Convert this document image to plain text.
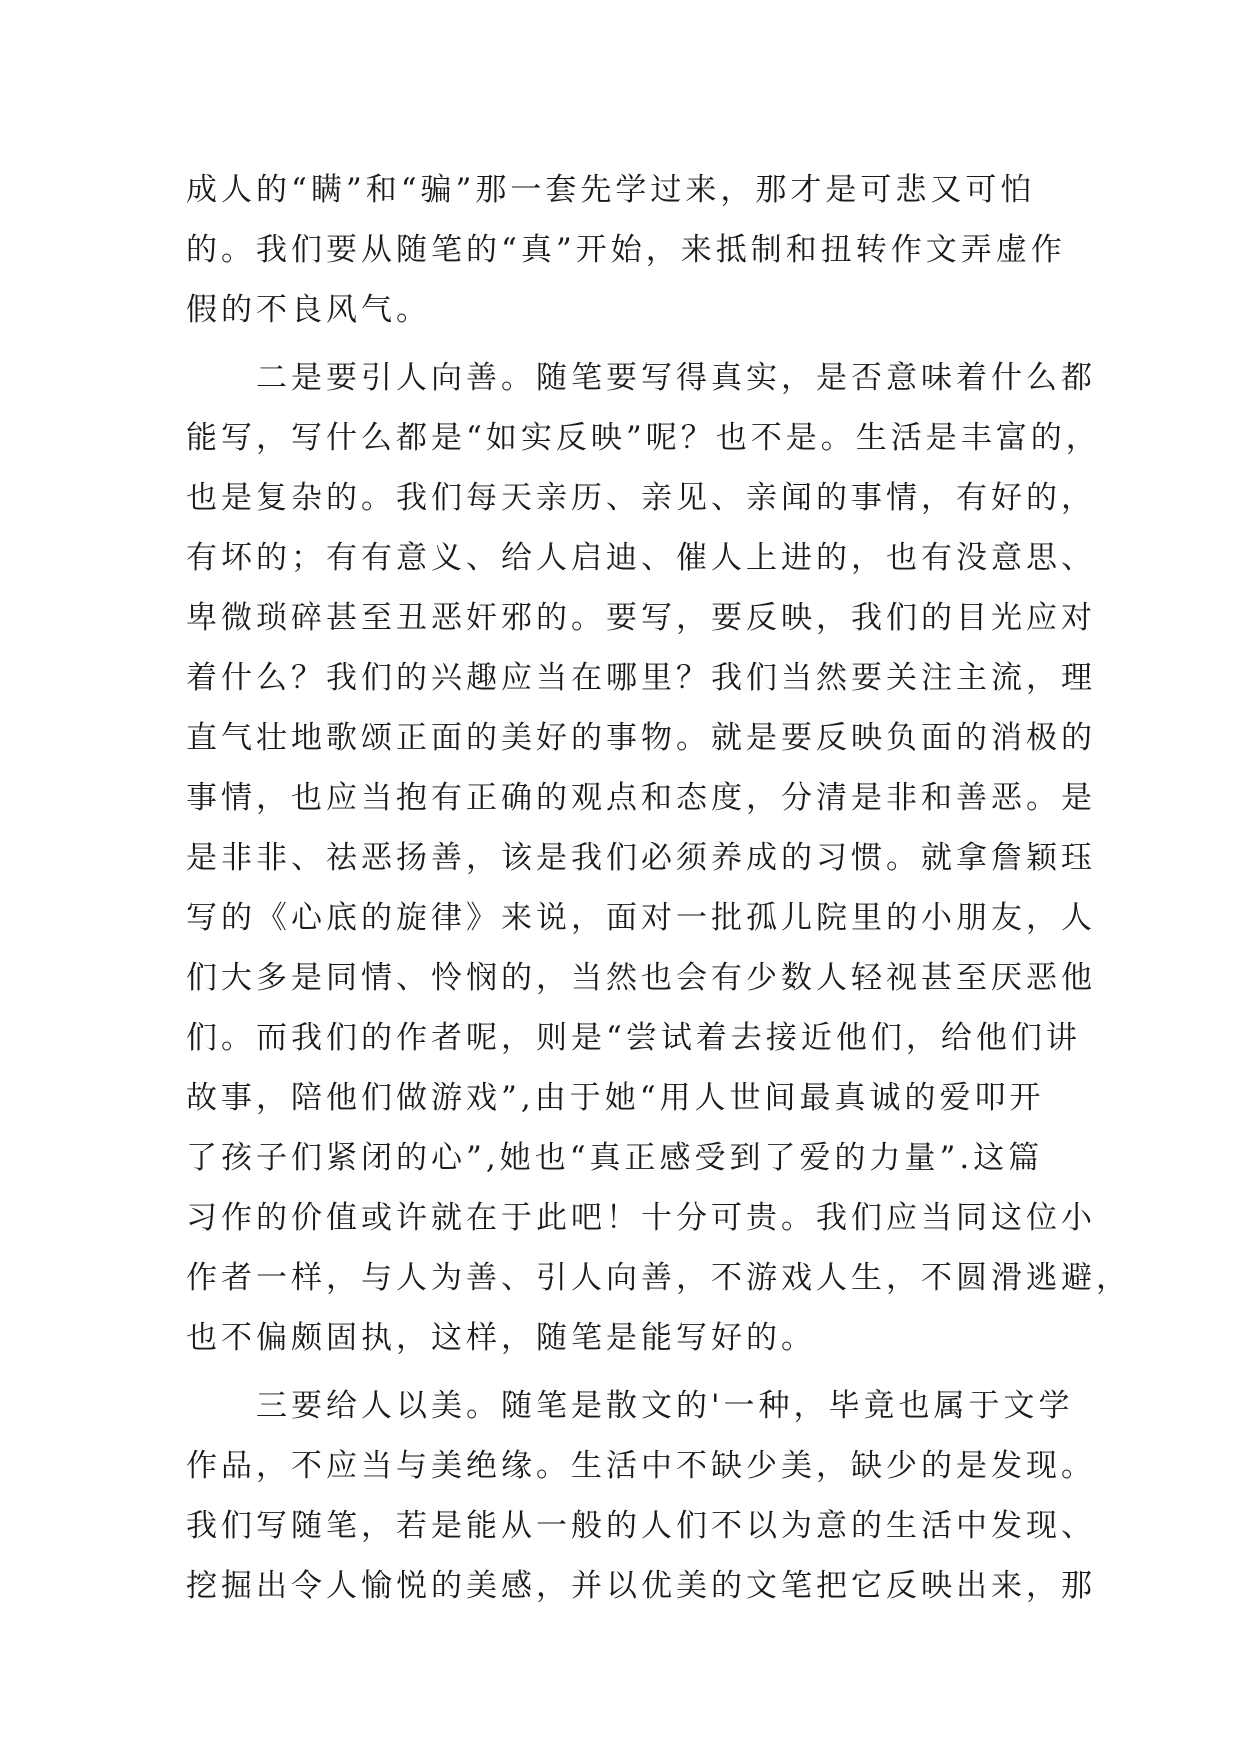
成人的“瞒”和“骗”那一套先学过来，那才是可悲又可怕
的。我们要从随笔的“真”开始，来抵制和扭转作文弄虚作
假的不良风气。
　　二是要引人向善。随笔要写得真实，是否意味着什么都
能写，写什么都是“如实反映”呢？也不是。生活是丰富的，
也是复杂的。我们每天亲历、亲见、亲闻的事情，有好的，
有坏的；有有意义、给人启迪、催人上进的，也有没意思、
卑微琐碎甚至丑恶奸邪的。要写，要反映，我们的目光应对
着什么？我们的兴趣应当在哪里？我们当然要关注主流，理
直气壮地歌颂正面的美好的事物。就是要反映负面的消极的
事情，也应当抱有正确的观点和态度，分清是非和善恶。是
是非非、祛恶扬善，该是我们必须养成的习惯。就拿詹颖珏
写的《心底的旋律》来说，面对一批孤儿院里的小朋友，人
们大多是同情、怜悯的，当然也会有少数人轻视甚至厌恶他
们。而我们的作者呢，则是“尝试着去接近他们，给他们讲
故事，陪他们做游戏”,由于她“用人世间最真诚的爱叩开
了孩子们紧闭的心”,她也“真正感受到了爱的力量”.这篇
习作的价值或许就在于此吧！十分可贵。我们应当同这位小
作者一样，与人为善、引人向善，不游戏人生，不圆滑逃避，
也不偏颇固执，这样，随笔是能写好的。
　　三要给人以美。随笔是散文的'一种，毕竟也属于文学
作品，不应当与美绝缘。生活中不缺少美，缺少的是发现。
我们写随笔，若是能从一般的人们不以为意的生活中发现、
挖掘出令人愉悦的美感，并以优美的文笔把它反映出来，那
